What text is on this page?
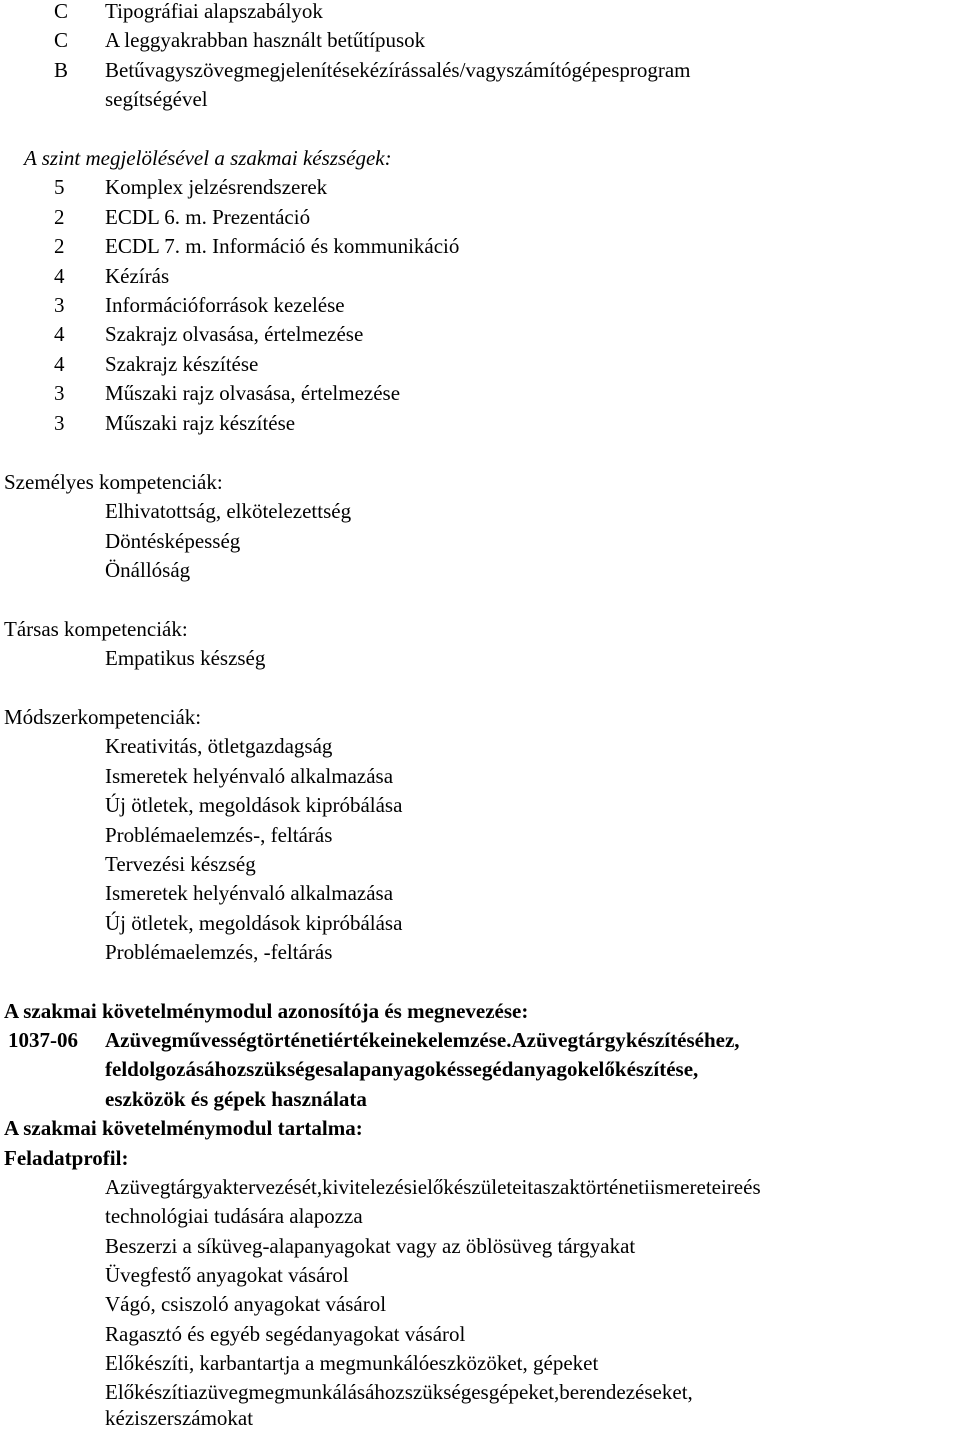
C Tipográfiai alapszabályok
C A leggyakrabban használt betűtípusok
B Betű vagy szöveg megjelenítése kézírással és/vagy számítógépes program
segítségével
A szint megjelölésével a szakmai készségek:
5	Komplex jelzésrendszerek
2	ECDL 6. m. Prezentáció
2	ECDL 7. m. Információ és kommunikáció
4	Kézírás
3	Információforrások kezelése
4	Szakrajz olvasása, értelmezése
4	Szakrajz készítése
3	Műszaki rajz olvasása, értelmezése
3	Műszaki rajz készítése
Személyes kompetenciák:
Elhivatottság, elkötelezettség
Döntésképesség
Önállóság
Társas kompetenciák:
Empatikus készség
Módszerkompetenciák:
Kreativitás, ötletgazdagság
Ismeretek helyénvaló alkalmazása
Új ötletek, megoldások kipróbálása
Problémaelemzés-, feltárás
Tervezési készség
Ismeretek helyénvaló alkalmazása
Új ötletek, megoldások kipróbálása
Problémaelemzés, -feltárás
A szakmai követelménymodul azonosítója és megnevezése:
1037-06 Az üvegművesség történeti értékeinek elemzése. Az üvegtárgy készítéséhez,
feldolgozásához szükséges alapanyagok és segédanyagok előkészítése,
eszközök és gépek használata
A szakmai követelménymodul tartalma:
Feladatprofil:
Az üvegtárgyak tervezését, kivitelezési előkészületeit a szaktörténeti ismereteire és
technológiai tudására alapozza
Beszerzi a síküveg-alapanyagokat vagy az öblösüveg tárgyakat
Üvegfestő anyagokat vásárol
Vágó, csiszoló anyagokat vásárol
Ragasztó és egyéb segédanyagokat vásárol
Előkészíti, karbantartja a megmunkálóeszközöket, gépeket
Előkészíti az üveg megmunkálásához szükséges gépeket, berendezéseket,
kéziszerszámokat
